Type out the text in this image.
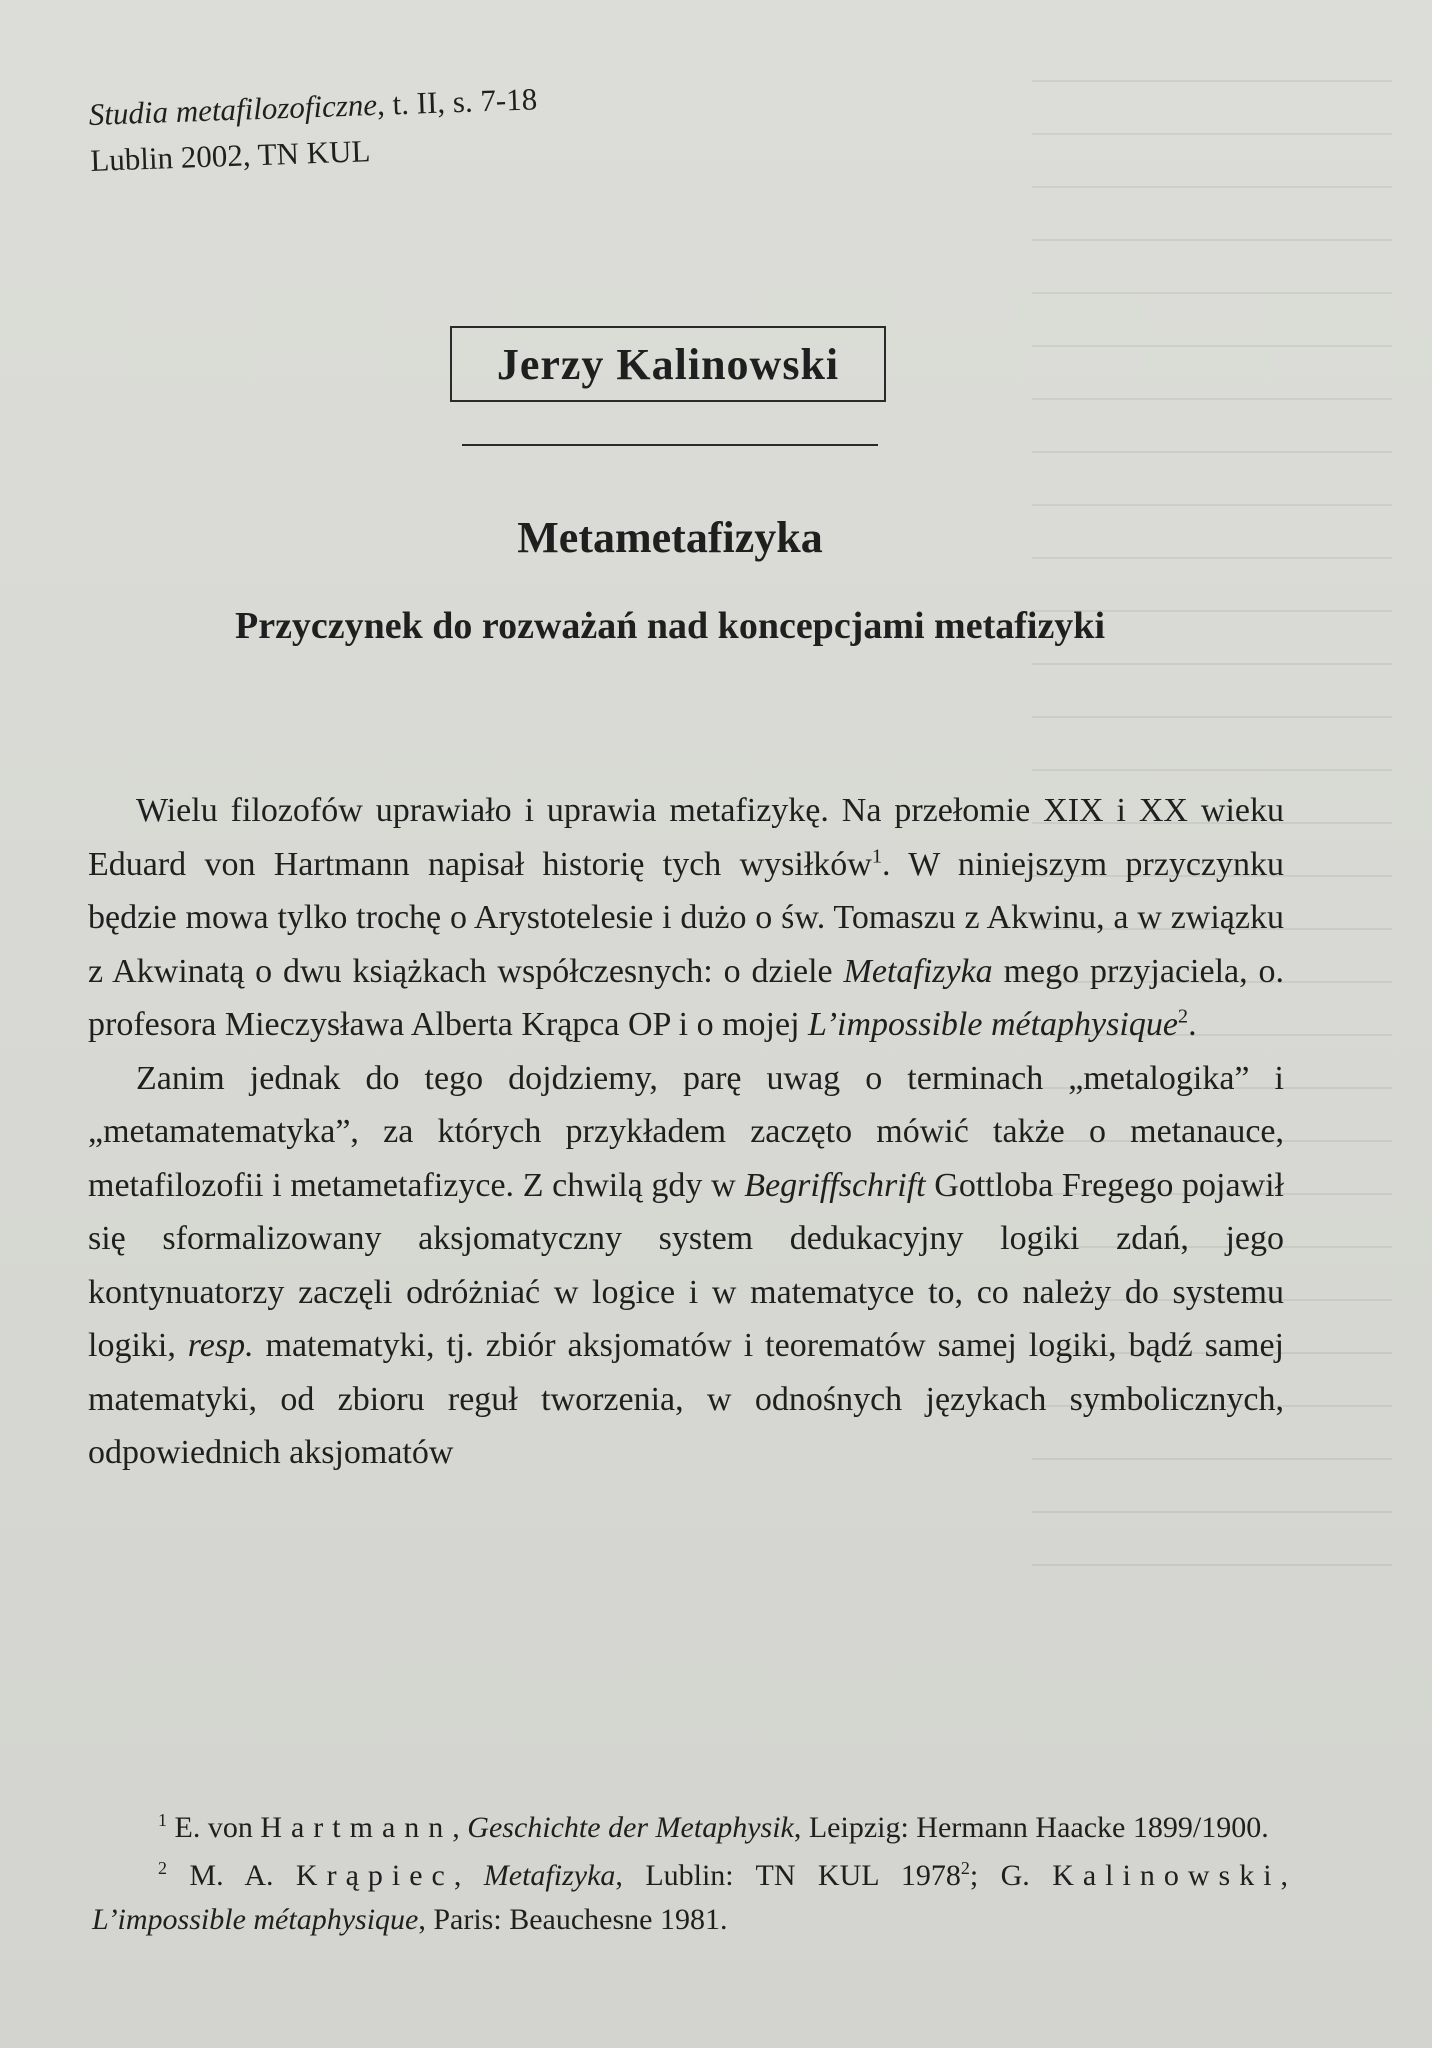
Studia metafilozoficzne, t. II, s. 7-18
Lublin 2002, TN KUL
Jerzy Kalinowski
Metametafizyka
Przyczynek do rozważań nad koncepcjami metafizyki

Wielu filozofów uprawiało i uprawia metafizykę. Na przełomie XIX i XX wieku Eduard von Hartmann napisał historię tych wysiłków$^1$. W niniejszym przyczynku będzie mowa tylko trochę o Arystotelesie i dużo o św. Tomaszu z Akwinu, a w związku z Akwinatą o dwu książkach współczesnych: o dziele Metafizyka mego przyjaciela, o. profesora Mieczysława Alberta Krąpca OP i o mojej L’impossible métaphysique$^2$.

Zanim jednak do tego dojdziemy, parę uwag o terminach „metalogika” i „metamatematyka”, za których przykładem zaczęto mówić także o metanauce, metafilozofii i metametafizyce. Z chwilą gdy w Begriffschrift Gottloba Fregego pojawił się sformalizowany aksjomatyczny system dedukacyjny logiki zdań, jego kontynuatorzy zaczęli odróżniać w logice i w matematyce to, co należy do systemu logiki, resp. matematyki, tj. zbiór aksjomatów i teorematów samej logiki, bądź samej matematyki, od zbioru reguł tworzenia, w odnośnych językach symbolicznych, odpowiednich aksjomatów

$^1$ E. von Hartmann, Geschichte der Metaphysik, Leipzig: Hermann Haacke 1899/1900.

$^2$ M. A. Krąpiec, Metafizyka, Lublin: TN KUL 1978$^2$; G. Kalinowski, L’impossible métaphysique, Paris: Beauchesne 1981.
